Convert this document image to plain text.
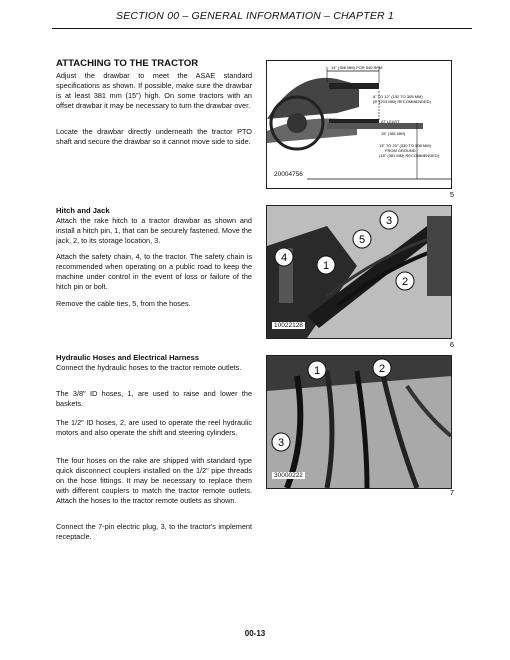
SECTION 00 – GENERAL INFORMATION – CHAPTER 1
ATTACHING TO THE TRACTOR

Adjust the drawbar to meet the ASAE standard specifications as shown. If possible, make sure the drawbar is at least 381 mm (15") high. On some tractors with an offset drawbar it may be necessary to turn the drawbar over.

Locate the drawbar directly underneath the tractor PTO shaft and secure the drawbar so it cannot move side to side.

14" (356 MM) FOR 540 RPM
6" TO 12" (152 TO 305 MM)
(8" (203 MM) RECOMMENDED)
AT LEAST
15" (381 MM)
13" TO 20" (330 TO 508 MM)
FROM GROUND
(18" (381 MM) RECOMMENDED)
20004756
5
Hitch and Jack

Attach the rake hitch to a tractor drawbar as shown and install a hitch pin, 1, that can be securely fastened. Move the jack, 2, to its storage location, 3.

Attach the safety chain, 4, to the tractor. The safety chain is recommended when operating on a public road to keep the machine under control in the event of loss or failure of the hitch pin or bolt.

Remove the cable ties, 5, from the hoses.

3
5
1
4
2
10022128
6
Hydraulic Hoses and Electrical Harness

Connect the hydraulic hoses to the tractor remote outlets.

The 3/8" ID hoses, 1, are used to raise and lower the baskets.

The 1/2" ID hoses, 2, are used to operate the reel hydraulic motors and also operate the shift and steering cylinders.

The four hoses on the rake are shipped with standard type quick disconnect couplers installed on the 1/2" pipe threads on the hose fittings. It may be necessary to replace them with different couplers to match the tractor remote outlets. Attach the hoses to the tractor remote outlets as shown.

Connect the 7-pin electric plug, 3, to the tractor's implement receptacle.

1	2
3
30000222
7
00-13
